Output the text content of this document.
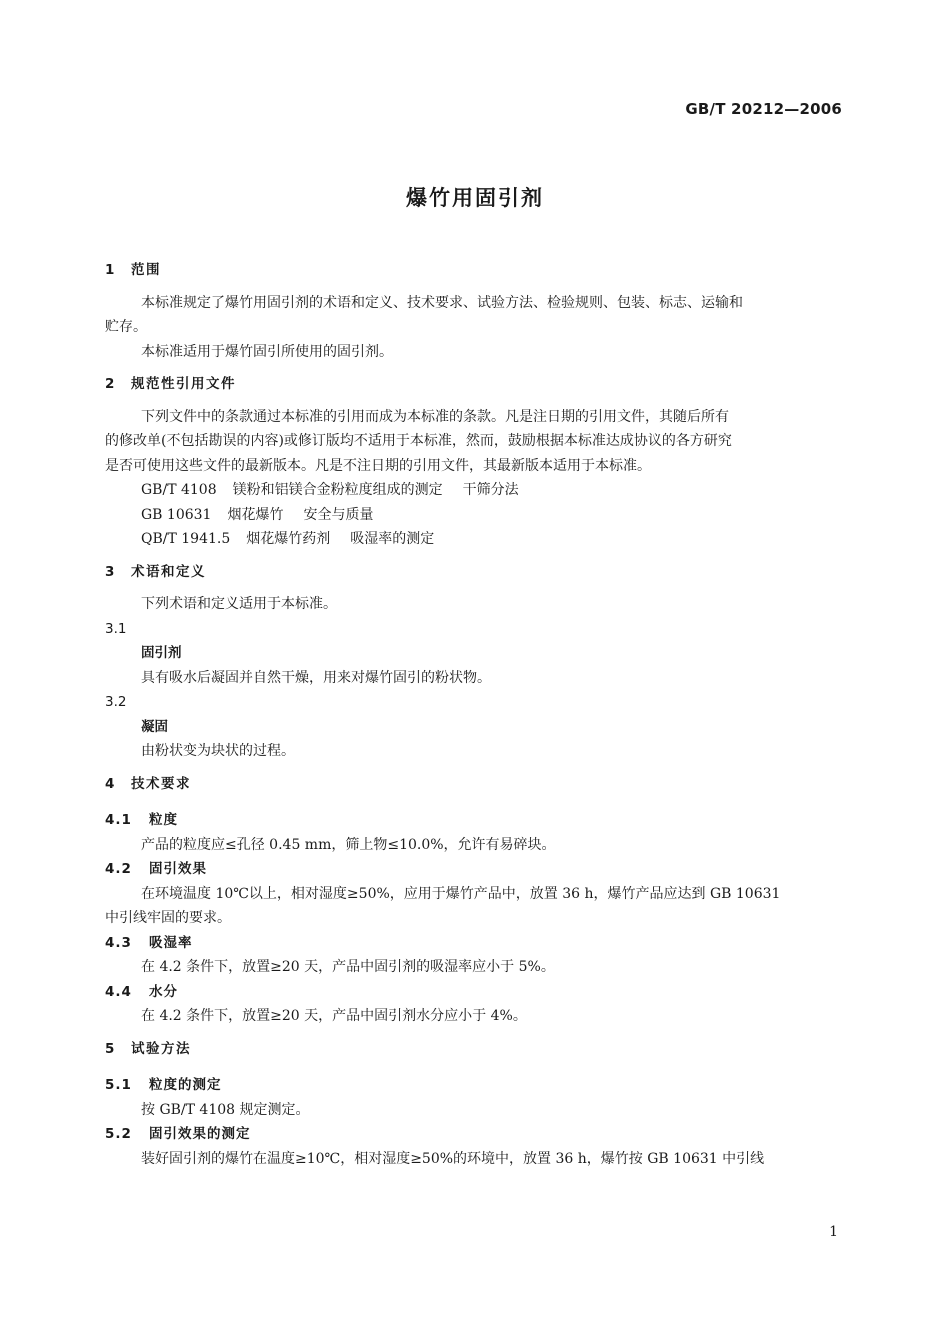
GB/T 20212—2006
爆竹用固引剂
1 范围
本标准规定了爆竹用固引剂的术语和定义、技术要求、试验方法、检验规则、包装、标志、运输和
贮存。
本标准适用于爆竹固引所使用的固引剂。
2 规范性引用文件
下列文件中的条款通过本标准的引用而成为本标准的条款。凡是注日期的引用文件，其随后所有
的修改单(不包括勘误的内容)或修订版均不适用于本标准，然而，鼓励根据本标准达成协议的各方研究
是否可使用这些文件的最新版本。凡是不注日期的引用文件，其最新版本适用于本标准。
GB/T 4108 镁粉和铝镁合金粉粒度组成的测定 干筛分法
GB 10631 烟花爆竹 安全与质量
QB/T 1941.5 烟花爆竹药剂 吸湿率的测定
3 术语和定义
下列术语和定义适用于本标准。
3.1
固引剂
具有吸水后凝固并自然干燥，用来对爆竹固引的粉状物。
3.2
凝固
由粉状变为块状的过程。
4 技术要求
4.1 粒度
产品的粒度应≤孔径 0.45 mm，筛上物≤10.0%，允许有易碎块。
4.2 固引效果
在环境温度 10℃以上，相对湿度≥50%，应用于爆竹产品中，放置 36 h，爆竹产品应达到 GB 10631
中引线牢固的要求。
4.3 吸湿率
在 4.2 条件下，放置≥20 天，产品中固引剂的吸湿率应小于 5%。
4.4 水分
在 4.2 条件下，放置≥20 天，产品中固引剂水分应小于 4%。
5 试验方法
5.1 粒度的测定
按 GB/T 4108 规定测定。
5.2 固引效果的测定
装好固引剂的爆竹在温度≥10℃，相对湿度≥50%的环境中，放置 36 h，爆竹按 GB 10631 中引线
1
